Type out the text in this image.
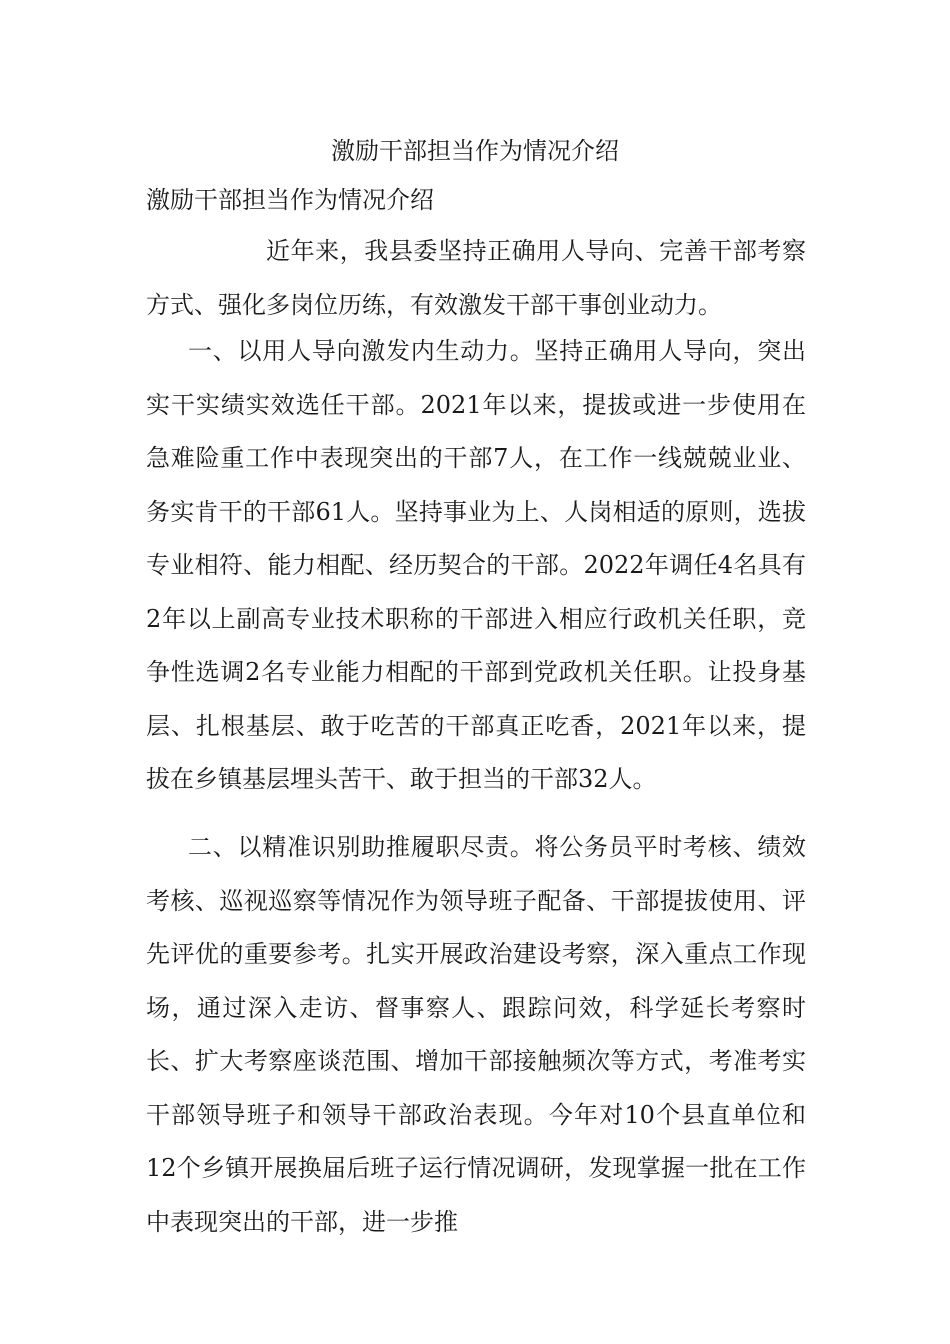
激励干部担当作为情况介绍
激励干部担当作为情况介绍

近年来，我县委坚持正确用人导向、完善干部考察方式、强化多岗位历练，有效激发干部干事创业动力。

一、以用人导向激发内生动力。坚持正确用人导向，突出实干实绩实效选任干部。2021年以来，提拔或进一步使用在急难险重工作中表现突出的干部7人，在工作一线兢兢业业、务实肯干的干部61人。坚持事业为上、人岗相适的原则，选拔专业相符、能力相配、经历契合的干部。2022年调任4名具有2年以上副高专业技术职称的干部进入相应行政机关任职，竞争性选调2名专业能力相配的干部到党政机关任职。让投身基层、扎根基层、敢于吃苦的干部真正吃香，2021年以来，提拔在乡镇基层埋头苦干、敢于担当的干部32人。

二、以精准识别助推履职尽责。将公务员平时考核、绩效考核、巡视巡察等情况作为领导班子配备、干部提拔使用、评先评优的重要参考。扎实开展政治建设考察，深入重点工作现场，通过深入走访、督事察人、跟踪问效，科学延长考察时长、扩大考察座谈范围、增加干部接触频次等方式，考准考实干部领导班子和领导干部政治表现。今年对10个县直单位和12个乡镇开展换届后班子运行情况调研，发现掌握一批在工作中表现突出的干部，进一步推
